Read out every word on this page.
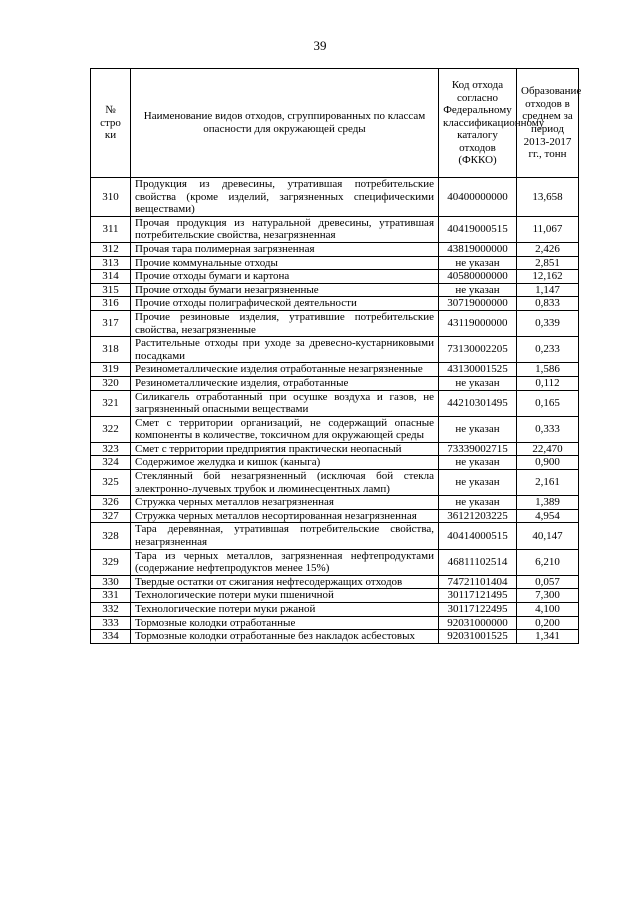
39
№ стро ки	Наименование видов отходов, сгруппированных по классам опасности для окружающей среды	Код отхода согласно Федеральному классификационному каталогу отходов (ФККО)	Образование отходов в среднем за период 2013-2017 гг., тонн
310	Продукция из древесины, утратившая потребительские свойства (кроме изделий, загрязненных специфическими веществами)	40400000000	13,658
311	Прочая продукция из натуральной древесины, утратившая потребительские свойства, незагрязненная	40419000515	11,067
312	Прочая тара полимерная загрязненная	43819000000	2,426
313	Прочие коммунальные отходы	не указан	2,851
314	Прочие отходы бумаги и картона	40580000000	12,162
315	Прочие отходы бумаги незагрязненные	не указан	1,147
316	Прочие отходы полиграфической деятельности	30719000000	0,833
317	Прочие резиновые изделия, утратившие потребительские свойства, незагрязненные	43119000000	0,339
318	Растительные отходы при уходе за древесно-кустарниковыми посадками	73130002205	0,233
319	Резинометаллические изделия отработанные незагрязненные	43130001525	1,586
320	Резинометаллические изделия, отработанные	не указан	0,112
321	Силикагель отработанный при осушке воздуха и газов, не загрязненный опасными веществами	44210301495	0,165
322	Смет с территории организаций, не содержащий опасные компоненты в количестве, токсичном для окружающей среды	не указан	0,333
323	Смет с территории предприятия практически неопасный	73339002715	22,470
324	Содержимое желудка и кишок (каныга)	не указан	0,900
325	Стеклянный бой незагрязненный (исключая бой стекла электронно-лучевых трубок и люминесцентных ламп)	не указан	2,161
326	Стружка черных металлов незагрязненная	не указан	1,389
327	Стружка черных металлов несортированная незагрязненная	36121203225	4,954
328	Тара деревянная, утратившая потребительские свойства, незагрязненная	40414000515	40,147
329	Тара из черных металлов, загрязненная нефтепродуктами (содержание нефтепродуктов менее 15%)	46811102514	6,210
330	Твердые остатки от сжигания нефтесодержащих отходов	74721101404	0,057
331	Технологические потери муки пшеничной	30117121495	7,300
332	Технологические потери муки ржаной	30117122495	4,100
333	Тормозные колодки отработанные	92031000000	0,200
334	Тормозные колодки отработанные без накладок асбестовых	92031001525	1,341
